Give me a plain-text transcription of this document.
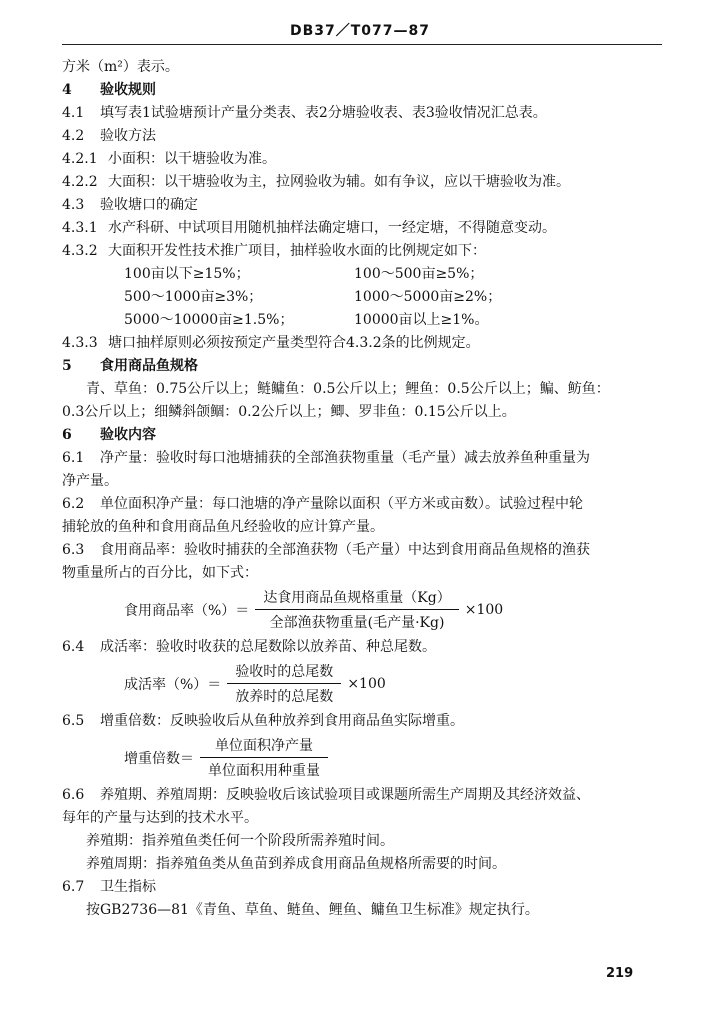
DB37／T077—87
方米（m²）表示。
4 验收规则
4.1 填写表1试验塘预计产量分类表、表2分塘验收表、表3验收情况汇总表。
4.2 验收方法
4.2.1 小面积：以干塘验收为准。
4.2.2 大面积：以干塘验收为主，拉网验收为辅。如有争议，应以干塘验收为准。
4.3 验收塘口的确定
4.3.1 水产科研、中试项目用随机抽样法确定塘口，一经定塘，不得随意变动。
4.3.2 大面积开发性技术推广项目，抽样验收水面的比例规定如下：
100亩以下≥15%；	100～500亩≥5%；
500～1000亩≥3%；	1000～5000亩≥2%；
5000～10000亩≥1.5%；	10000亩以上≥1%。
4.3.3 塘口抽样原则必须按预定产量类型符合4.3.2条的比例规定。
5 食用商品鱼规格
青、草鱼：0.75公斤以上；鲢鳙鱼：0.5公斤以上；鲤鱼：0.5公斤以上；鳊、鲂鱼：
0.3公斤以上；细鳞斜颌鲴：0.2公斤以上；鲫、罗非鱼：0.15公斤以上。
6 验收内容
6.1 净产量：验收时每口池塘捕获的全部渔获物重量（毛产量）减去放养鱼种重量为
净产量。
6.2 单位面积净产量：每口池塘的净产量除以面积（平方米或亩数）。试验过程中轮
捕轮放的鱼种和食用商品鱼凡经验收的应计算产量。
6.3 食用商品率：验收时捕获的全部渔获物（毛产量）中达到食用商品鱼规格的渔获
物重量所占的百分比，如下式：
食用商品率（%）＝ $\frac{\text{达食用商品鱼规格重量（Kg）}}{\text{全部渔获物重量(毛产量·Kg)}} \times 100$
6.4 成活率：验收时收获的总尾数除以放养苗、种总尾数。
成活率（%）＝ $\frac{\text{验收时的总尾数}}{\text{放养时的总尾数}} \times 100$
6.5 增重倍数：反映验收后从鱼种放养到食用商品鱼实际增重。
增重倍数＝ $\frac{\text{单位面积净产量}}{\text{单位面积用种重量}}$
6.6 养殖期、养殖周期：反映验收后该试验项目或课题所需生产周期及其经济效益、
每年的产量与达到的技术水平。
养殖期：指养殖鱼类任何一个阶段所需养殖时间。
养殖周期：指养殖鱼类从鱼苗到养成食用商品鱼规格所需要的时间。
6.7 卫生指标
按GB2736—81《青鱼、草鱼、鲢鱼、鲤鱼、鳙鱼卫生标准》规定执行。
219
